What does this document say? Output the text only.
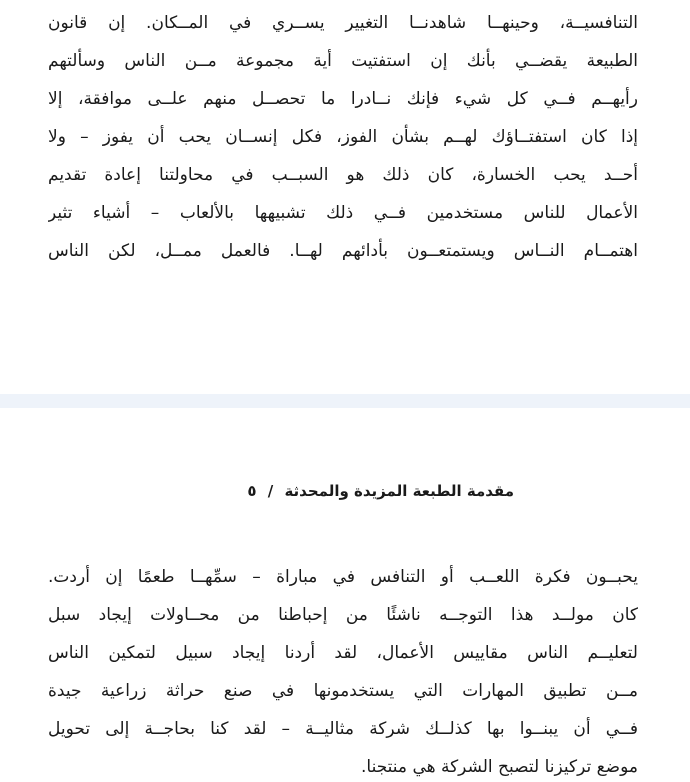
التنافسيــة، وحينهــا شاهدنــا التغيير يســري في المــكان. إن قانون
الطبيعة يقضــي بأنك إن استفتيت أية مجموعة مــن الناس وسألتهم
رأيهــم فــي كل شيء فإنك نــادرا ما تحصــل منهم علــى موافقة، إلا
إذا كان استفتــاؤك لهــم بشأن الفوز، فكل إنســان يحب أن يفوز – ولا
أحــد يحب الخسارة، كان ذلك هو السبــب في محاولتنا إعادة تقديم
الأعمال للناس مستخدمين فــي ذلك تشبيهها بالألعاب – أشياء تثير
اهتمــام النــاس ويستمتعــون بأدائهم لهــا. فالعمل ممــل، لكن الناس
مقدمة الطبعة المزيدة والمحدثة / ٥
يحبــون فكرة اللعــب أو التنافس في مباراة – سمِّهــا طعمًا إن أردت.
كان مولــد هذا التوجــه ناشئًا من إحباطنا من محــاولات إيجاد سبل
لتعليــم الناس مقاييس الأعمال، لقد أردنا إيجاد سبيل لتمكين الناس
مــن تطبيق المهارات التي يستخدمونها في صنع حراثة زراعية جيدة
فــي أن يبنــوا بها كذلــك شركة مثاليــة – لقد كنا بحاجــة إلى تحويل
موضع تركيزنا لتصبح الشركة هي منتجنا.
